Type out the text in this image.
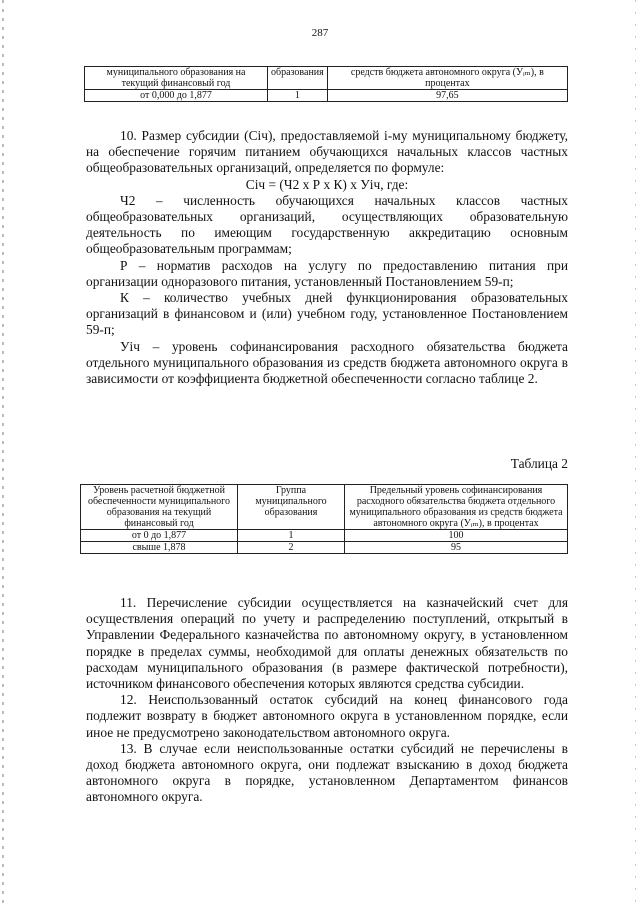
287
муниципального образования на текущий финансовый год	образования	средств бюджета автономного округа (Уᵢₘ), в процентах
от 0,000 до 1,877	1	97,65

10. Размер субсидии (Сiч), предоставляемой i-му муниципальному бюджету, на обеспечение горячим питанием обучающихся начальных классов частных общеобразовательных организаций, определяется по формуле:

Сiч = (Ч2 х Р х К) х Уiч, где:

Ч2 – численность обучающихся начальных классов частных общеобразовательных организаций, осуществляющих образовательную деятельность по имеющим государственную аккредитацию основным общеобразовательным программам;

Р – норматив расходов на услугу по предоставлению питания при организации одноразового питания, установленный Постановлением 59-п;

К – количество учебных дней функционирования образовательных организаций в финансовом и (или) учебном году, установленное Постановлением 59-п;

Уiч – уровень софинансирования расходного обязательства бюджета отдельного муниципального образования из средств бюджета автономного округа в зависимости от коэффициента бюджетной обеспеченности согласно таблице 2.

Таблица 2
Уровень расчетной бюджетной обеспеченности муниципального образования на текущий финансовый год	Группа муниципального образования	Предельный уровень софинансирования расходного обязательства бюджета отдельного муниципального образования из средств бюджета автономного округа (Уᵢₘ), в процентах
от 0 до 1,877	1	100
свыше 1,878	2	95

11. Перечисление субсидии осуществляется на казначейский счет для осуществления операций по учету и распределению поступлений, открытый в Управлении Федерального казначейства по автономному округу, в установленном порядке в пределах суммы, необходимой для оплаты денежных обязательств по расходам муниципального образования (в размере фактической потребности), источником финансового обеспечения которых являются средства субсидии.

12. Неиспользованный остаток субсидий на конец финансового года подлежит возврату в бюджет автономного округа в установленном порядке, если иное не предусмотрено законодательством автономного округа.

13. В случае если неиспользованные остатки субсидий не перечислены в доход бюджета автономного округа, они подлежат взысканию в доход бюджета автономного округа в порядке, установленном Департаментом финансов автономного округа.
